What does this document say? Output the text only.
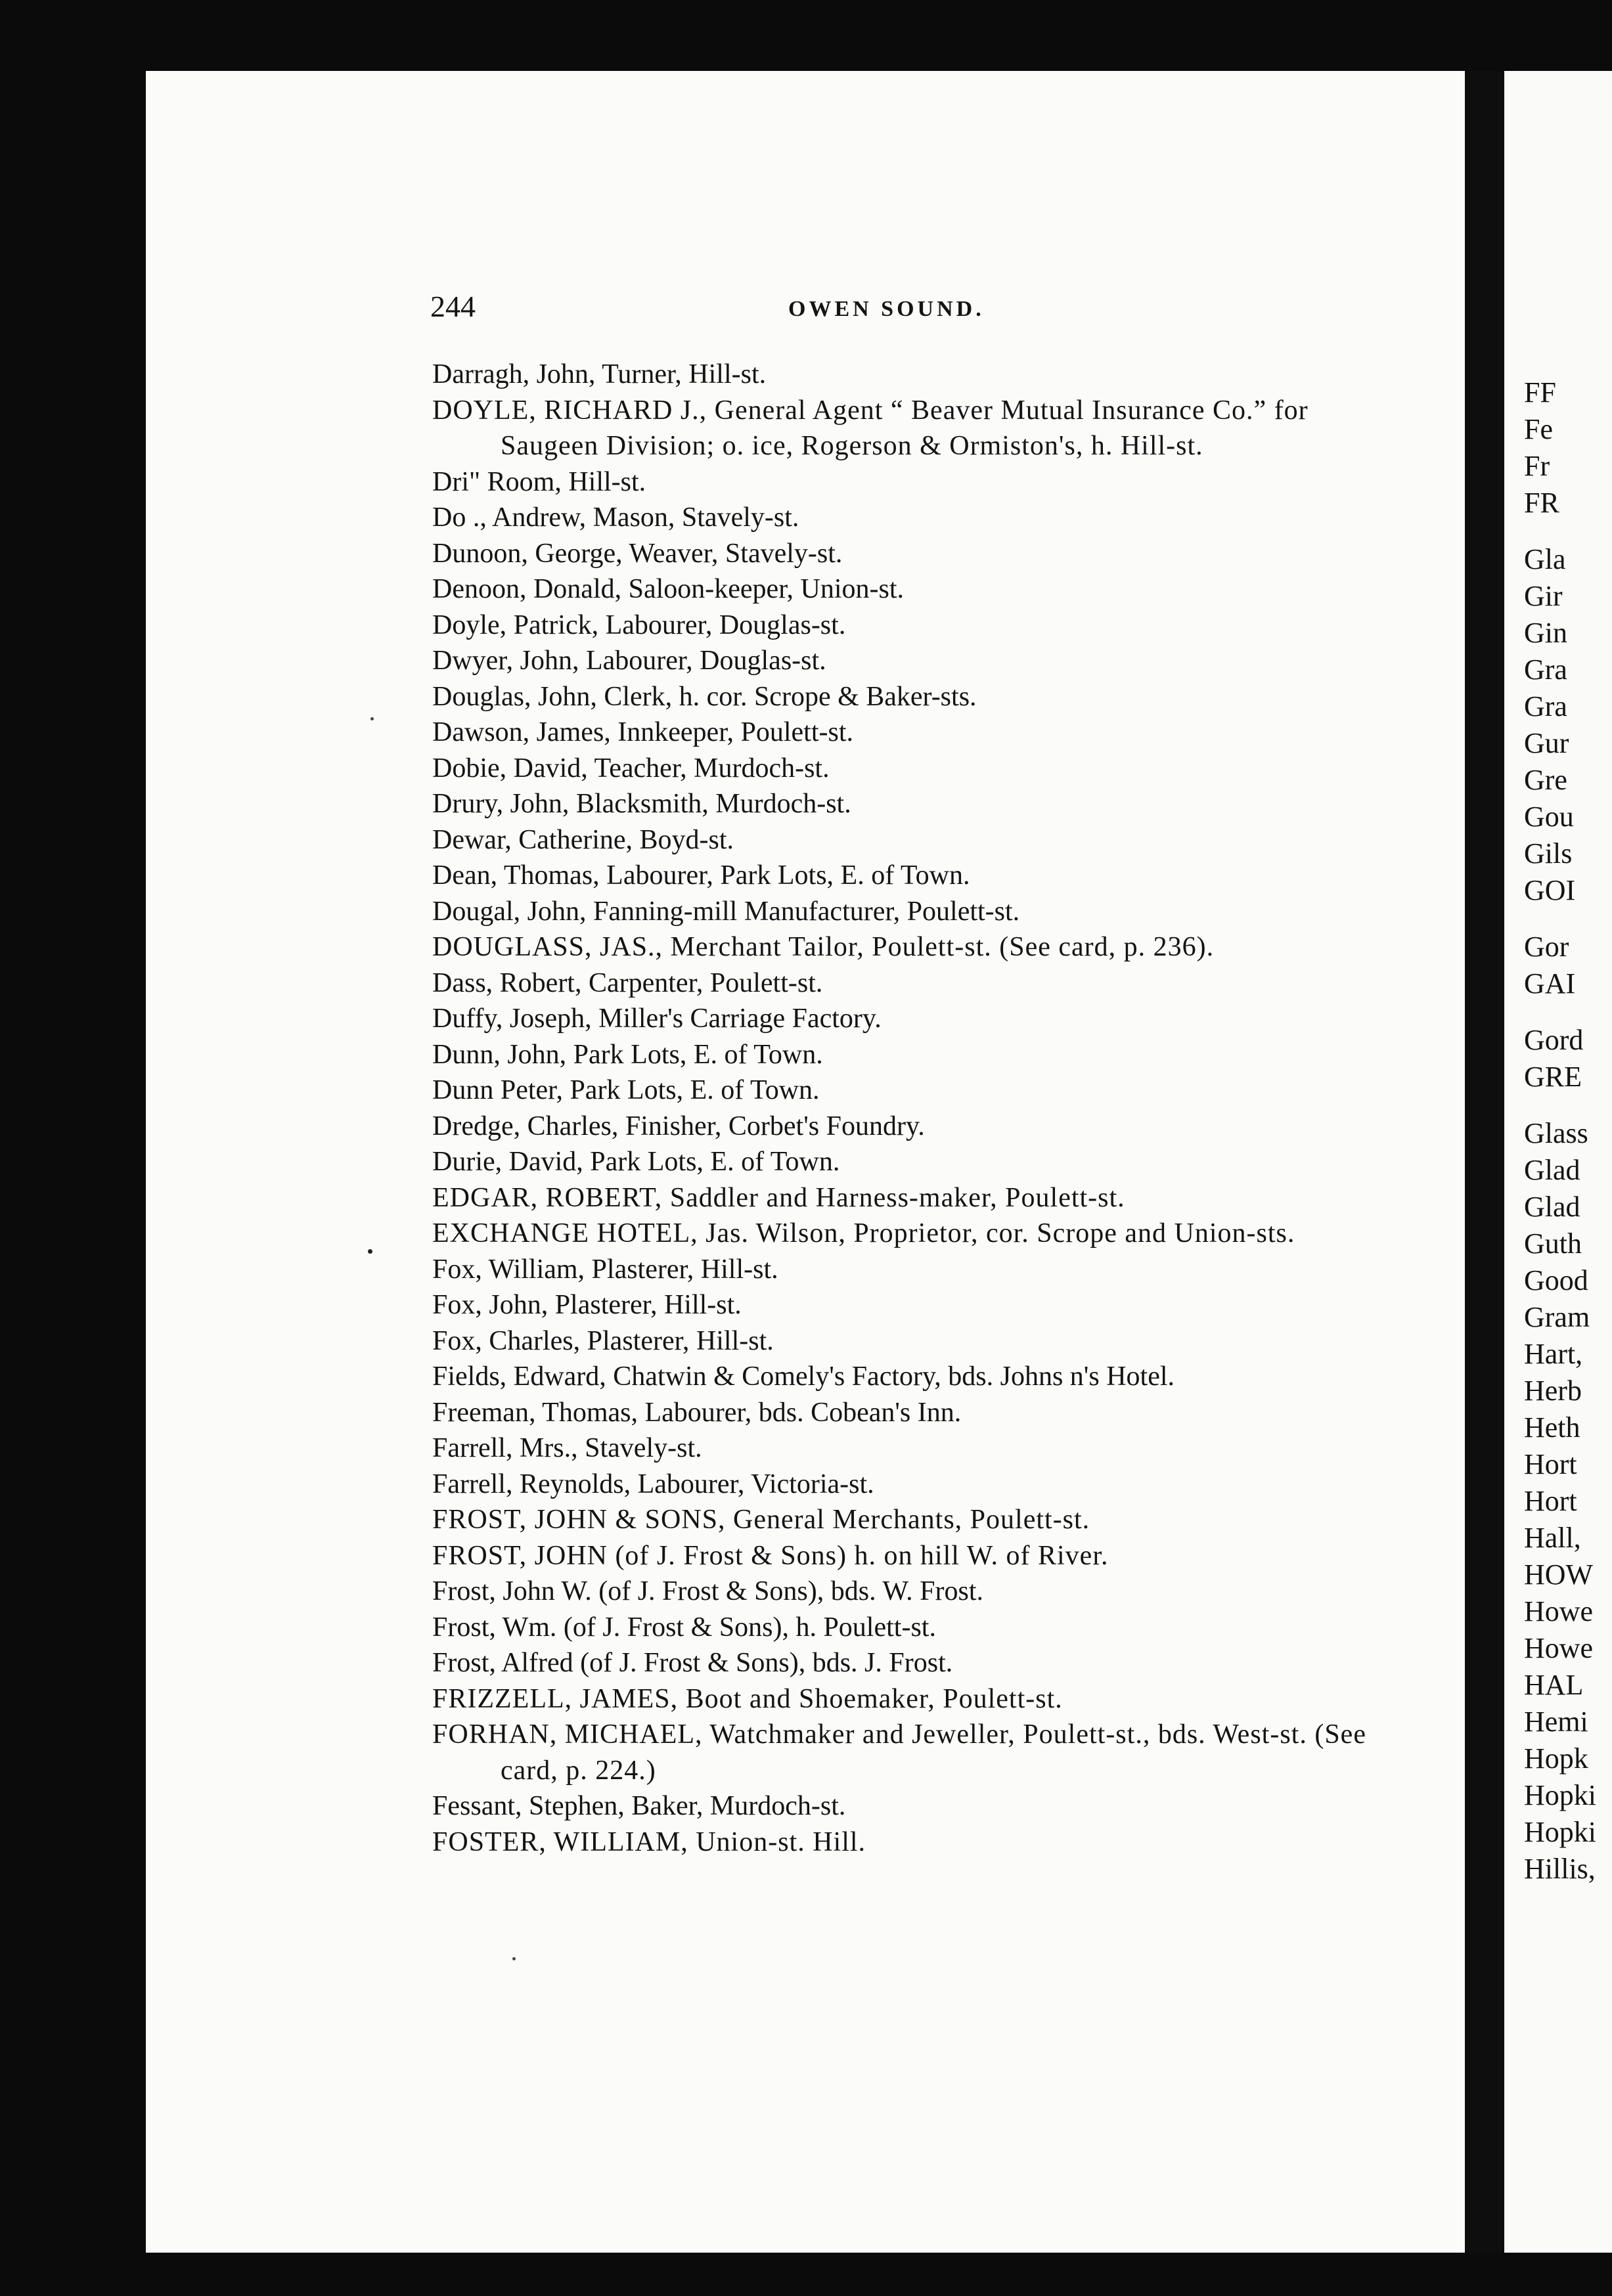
FF
Fe
Fr
FR
Gla
Gir
Gin
Gra
Gra
Gur
Gre
Gou
Gils
GOI
Gor
GAI
Gord
GRE
Glass
Glad
Glad
Guth
Good
Gram
Hart,
Herb
Heth
Hort
Hort
Hall,
HOW
Howe
Howe
HAL
Hemi
Hopk
Hopki
Hopki
Hillis,
244	OWEN SOUND.
Darragh, John, Turner, Hill-st.
DOYLE, RICHARD J., General Agent “ Beaver Mutual Insurance Co.” for Saugeen Division; o. ice, Rogerson & Ormiston's, h. Hill-st.
Dri" Room, Hill-st.
Do ., Andrew, Mason, Stavely-st.
Dunoon, George, Weaver, Stavely-st.
Denoon, Donald, Saloon-keeper, Union-st.
Doyle, Patrick, Labourer, Douglas-st.
Dwyer, John, Labourer, Douglas-st.
Douglas, John, Clerk, h. cor. Scrope & Baker-sts.
Dawson, James, Innkeeper, Poulett-st.
Dobie, David, Teacher, Murdoch-st.
Drury, John, Blacksmith, Murdoch-st.
Dewar, Catherine, Boyd-st.
Dean, Thomas, Labourer, Park Lots, E. of Town.
Dougal, John, Fanning-mill Manufacturer, Poulett-st.
DOUGLASS, JAS., Merchant Tailor, Poulett-st. (See card, p. 236).
Dass, Robert, Carpenter, Poulett-st.
Duffy, Joseph, Miller's Carriage Factory.
Dunn, John, Park Lots, E. of Town.
Dunn Peter, Park Lots, E. of Town.
Dredge, Charles, Finisher, Corbet's Foundry.
Durie, David, Park Lots, E. of Town.
EDGAR, ROBERT, Saddler and Harness-maker, Poulett-st.
EXCHANGE HOTEL, Jas. Wilson, Proprietor, cor. Scrope and Union-sts.
Fox, William, Plasterer, Hill-st.
Fox, John, Plasterer, Hill-st.
Fox, Charles, Plasterer, Hill-st.
Fields, Edward, Chatwin & Comely's Factory, bds. Johns n's Hotel.
Freeman, Thomas, Labourer, bds. Cobean's Inn.
Farrell, Mrs., Stavely-st.
Farrell, Reynolds, Labourer, Victoria-st.
FROST, JOHN & SONS, General Merchants, Poulett-st.
FROST, JOHN (of J. Frost & Sons) h. on hill W. of River.
Frost, John W. (of J. Frost & Sons), bds. W. Frost.
Frost, Wm. (of J. Frost & Sons), h. Poulett-st.
Frost, Alfred (of J. Frost & Sons), bds. J. Frost.
FRIZZELL, JAMES, Boot and Shoemaker, Poulett-st.
FORHAN, MICHAEL, Watchmaker and Jeweller, Poulett-st., bds. West-st. (See card, p. 224.)
Fessant, Stephen, Baker, Murdoch-st.
FOSTER, WILLIAM, Union-st. Hill.
